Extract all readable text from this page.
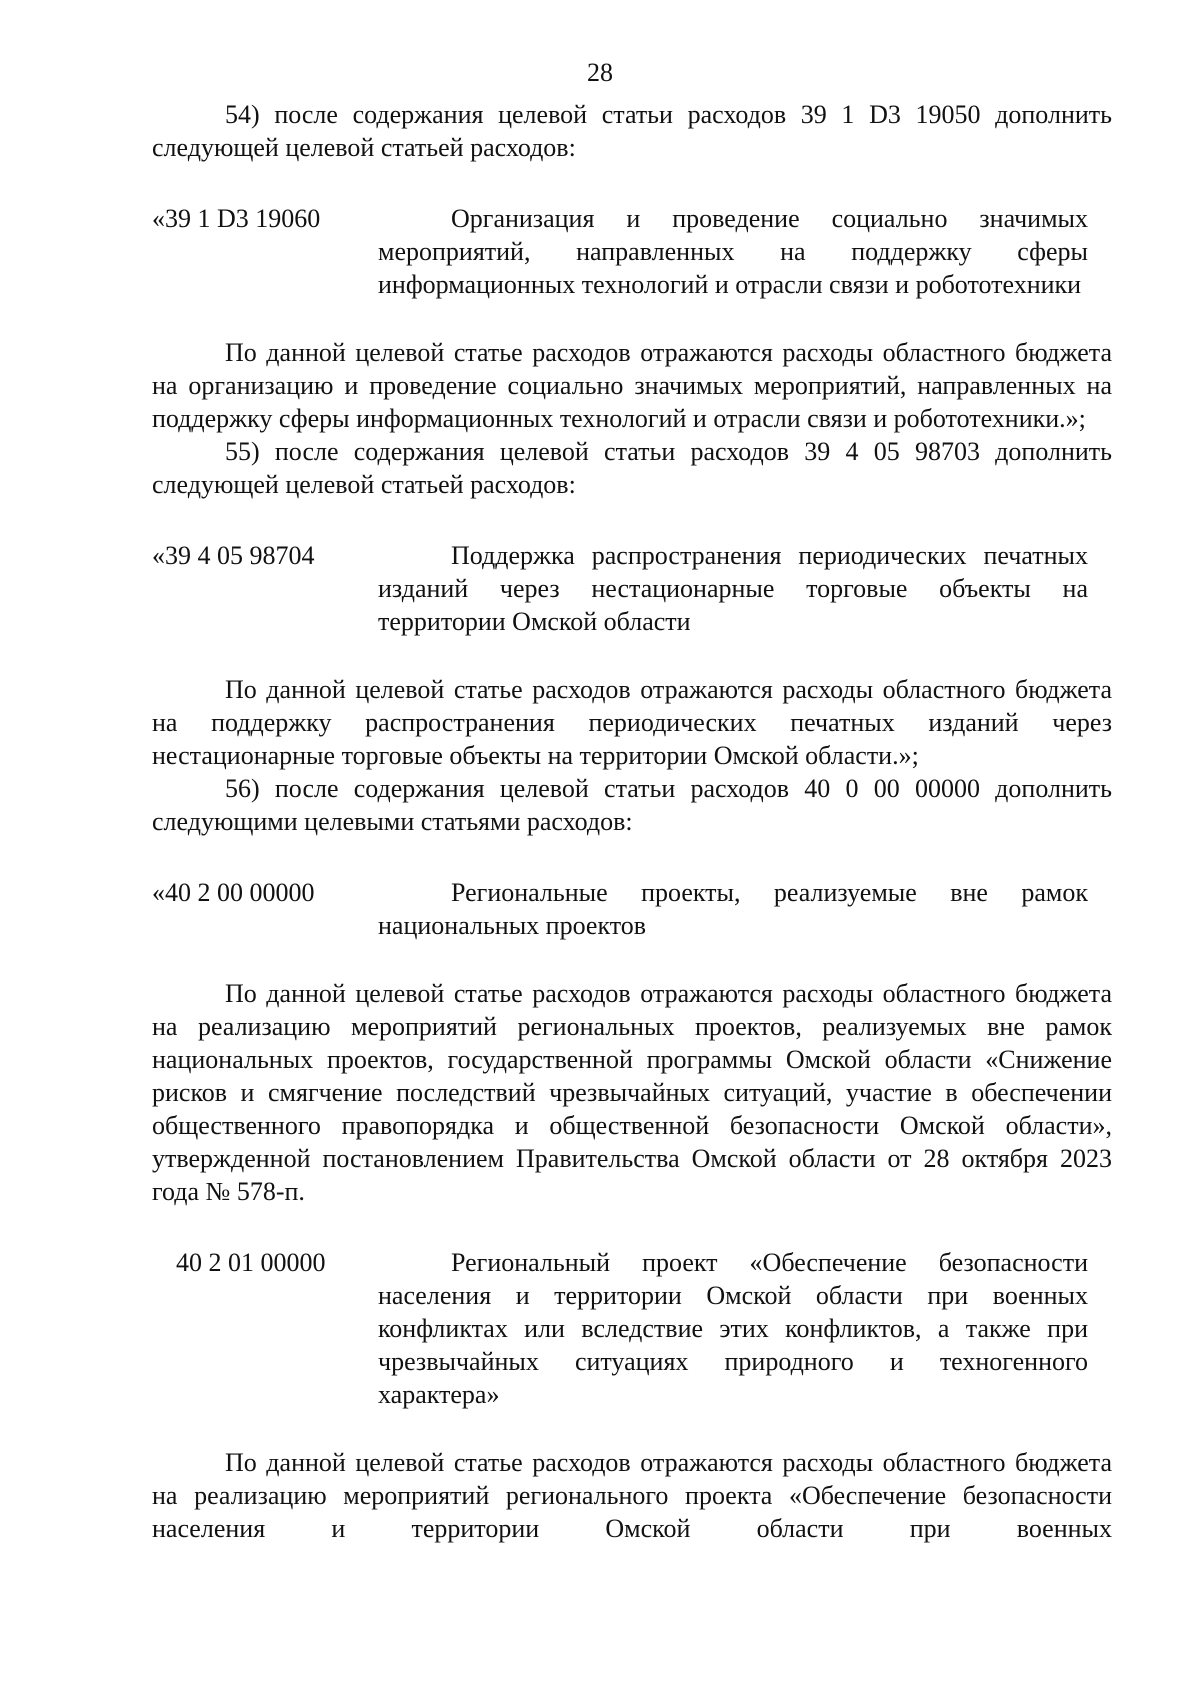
28

54) после содержания целевой статьи расходов 39 1 D3 19050 дополнить следующей целевой статьей расходов:

«39 1 D3 19060	Организация и проведение социально значимых мероприятий, направленных на поддержку сферы информационных технологий и отрасли связи и робототехники

По данной целевой статье расходов отражаются расходы областного бюджета на организацию и проведение социально значимых мероприятий, направленных на поддержку сферы информационных технологий и отрасли связи и робототехники.»;

55) после содержания целевой статьи расходов 39 4 05 98703 дополнить следующей целевой статьей расходов:

«39 4 05 98704	Поддержка распространения периодических печатных изданий через нестационарные торговые объекты на территории Омской области

По данной целевой статье расходов отражаются расходы областного бюджета на поддержку распространения периодических печатных изданий через нестационарные торговые объекты на территории Омской области.»;

56) после содержания целевой статьи расходов 40 0 00 00000 дополнить следующими целевыми статьями расходов:

«40 2 00 00000	Региональные проекты, реализуемые вне рамок национальных проектов

По данной целевой статье расходов отражаются расходы областного бюджета на реализацию мероприятий региональных проектов, реализуемых вне рамок национальных проектов, государственной программы Омской области «Снижение рисков и смягчение последствий чрезвычайных ситуаций, участие в обеспечении общественного правопорядка и общественной безопасности Омской области», утвержденной постановлением Правительства Омской области от 28 октября 2023 года № 578-п.

40 2 01 00000	Региональный проект «Обеспечение безопасности населения и территории Омской области при военных конфликтах или вследствие этих конфликтов, а также при чрезвычайных ситуациях природного и техногенного характера»

По данной целевой статье расходов отражаются расходы областного бюджета на реализацию мероприятий регионального проекта «Обеспечение безопасности населения и территории Омской области при военных
